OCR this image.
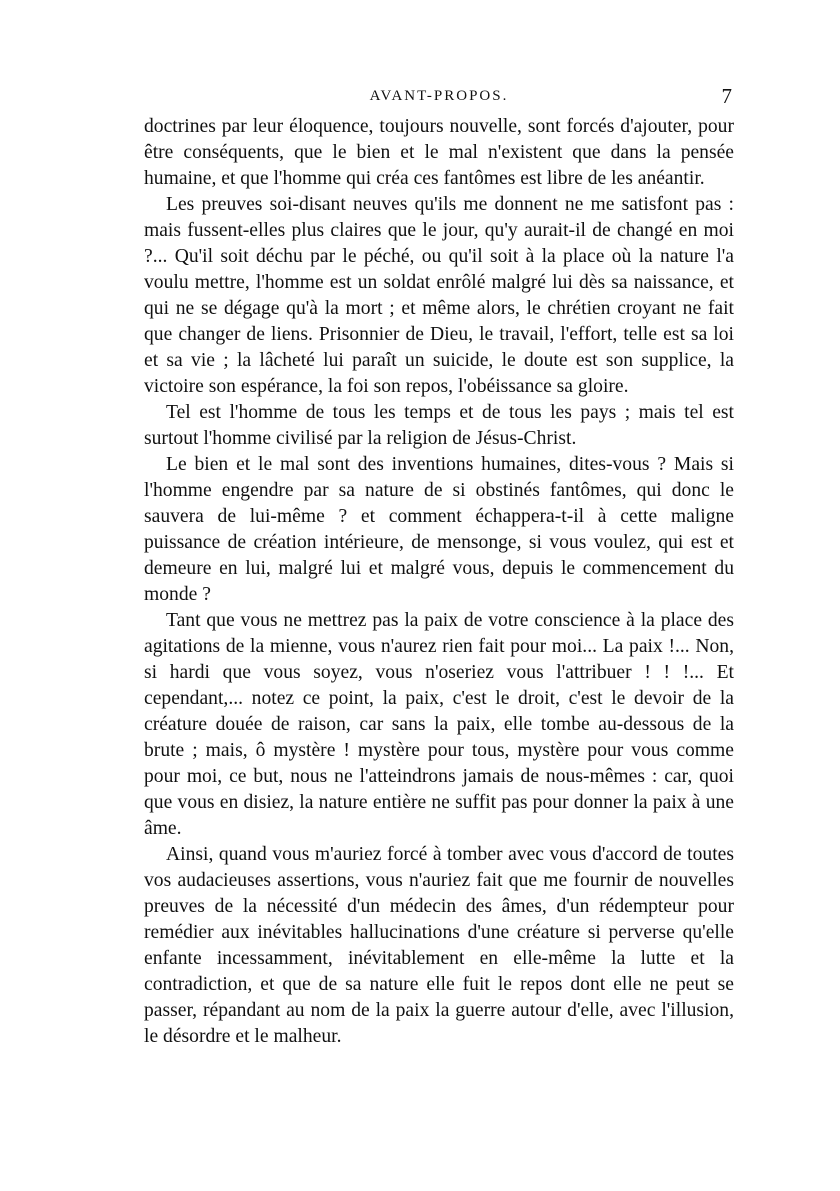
AVANT-PROPOS.	7

doctrines par leur éloquence, toujours nouvelle, sont forcés d'ajouter, pour être conséquents, que le bien et le mal n'existent que dans la pensée humaine, et que l'homme qui créa ces fantômes est libre de les anéantir.

Les preuves soi-disant neuves qu'ils me donnent ne me satisfont pas : mais fussent-elles plus claires que le jour, qu'y aurait-il de changé en moi ?... Qu'il soit déchu par le péché, ou qu'il soit à la place où la nature l'a voulu mettre, l'homme est un soldat enrôlé malgré lui dès sa naissance, et qui ne se dégage qu'à la mort ; et même alors, le chrétien croyant ne fait que changer de liens. Prisonnier de Dieu, le travail, l'effort, telle est sa loi et sa vie ; la lâcheté lui paraît un suicide, le doute est son supplice, la victoire son espérance, la foi son repos, l'obéissance sa gloire.

Tel est l'homme de tous les temps et de tous les pays ; mais tel est surtout l'homme civilisé par la religion de Jésus-Christ.

Le bien et le mal sont des inventions humaines, dites-vous ? Mais si l'homme engendre par sa nature de si obstinés fantômes, qui donc le sauvera de lui-même ? et comment échappera-t-il à cette maligne puissance de création intérieure, de mensonge, si vous voulez, qui est et demeure en lui, malgré lui et malgré vous, depuis le commencement du monde ?

Tant que vous ne mettrez pas la paix de votre conscience à la place des agitations de la mienne, vous n'aurez rien fait pour moi... La paix !... Non, si hardi que vous soyez, vous n'oseriez vous l'attribuer ! ! !... Et cependant,... notez ce point, la paix, c'est le droit, c'est le devoir de la créature douée de raison, car sans la paix, elle tombe au-dessous de la brute ; mais, ô mystère ! mystère pour tous, mystère pour vous comme pour moi, ce but, nous ne l'atteindrons jamais de nous-mêmes : car, quoi que vous en disiez, la nature entière ne suffit pas pour donner la paix à une âme.

Ainsi, quand vous m'auriez forcé à tomber avec vous d'accord de toutes vos audacieuses assertions, vous n'auriez fait que me fournir de nouvelles preuves de la nécessité d'un médecin des âmes, d'un rédempteur pour remédier aux inévitables hallucinations d'une créature si perverse qu'elle enfante incessamment, inévitablement en elle-même la lutte et la contradiction, et que de sa nature elle fuit le repos dont elle ne peut se passer, répandant au nom de la paix la guerre autour d'elle, avec l'illusion, le désordre et le malheur.
